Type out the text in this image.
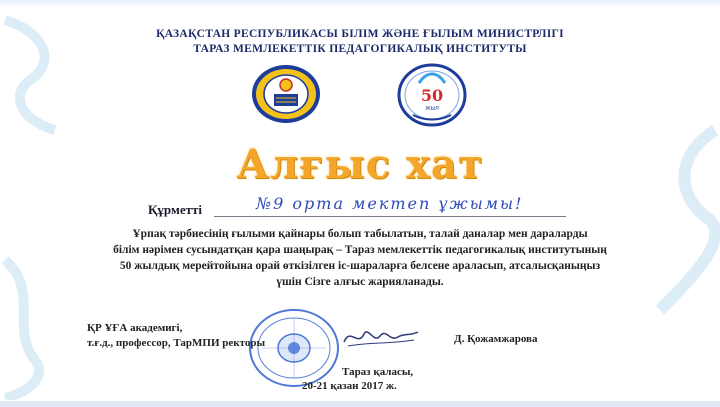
ҚАЗАҚСТАН РЕСПУБЛИКАСЫ БІЛІМ ЖӘНЕ ҒЫЛЫМ МИНИСТРЛІГІ
ТАРАЗ МЕМЛЕКЕТТІК ПЕДАГОГИКАЛЫҚ ИНСТИТУТЫ
50
ЖЫЛ
Алғыс хат
Құрметті	№9 орта мектеп ұжымы!
Ұрпақ тәрбиесінің ғылыми қайнары болып табылатын, талай даналар мен дараларды
білім нәрімен сусындатқан қара шаңырақ – Тараз мемлекеттік педагогикалық институтының
50 жылдық мерейтойына орай өткізілген іс-шараларға белсене араласып, атсалысқаныңыз
үшін Сізге алғыс жарияланады.
ҚР ҰҒА академигі,
т.ғ.д., профессор, ТарМПИ ректоры	Д. Қожамжарова
Тараз қаласы,
20-21 қазан 2017 ж.
